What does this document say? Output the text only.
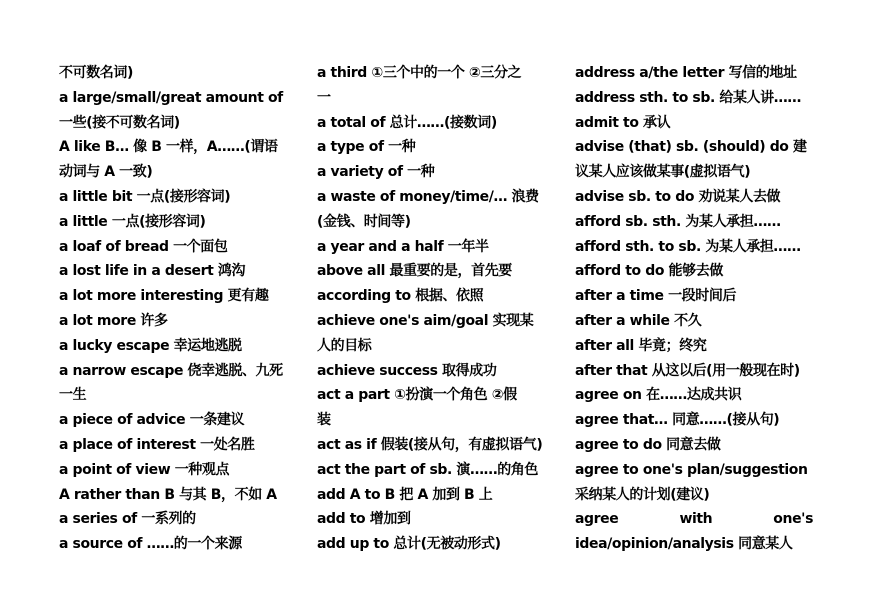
不可数名词)
a large/small/great amount of
一些(接不可数名词)
A like B… 像 B 一样，A……(谓语
动词与 A 一致)
a little bit 一点(接形容词)
a little 一点(接形容词)
a loaf of bread 一个面包
a lost life in a desert 鸿沟
a lot more interesting 更有趣
a lot more 许多
a lucky escape 幸运地逃脱
a narrow escape 侥幸逃脱、九死
一生
a piece of advice 一条建议
a place of interest 一处名胜
a point of view 一种观点
A rather than B 与其 B，不如 A
a series of 一系列的
a source of ……的一个来源
a third ①三个中的一个 ②三分之
一
a total of 总计……(接数词)
a type of 一种
a variety of 一种
a waste of money/time/… 浪费
(金钱、时间等)
a year and a half 一年半
above all 最重要的是，首先要
according to 根据、依照
achieve one's aim/goal 实现某
人的目标
achieve success 取得成功
act a part ①扮演一个角色 ②假
装
act as if 假装(接从句，有虚拟语气)
act the part of sb. 演……的角色
add A to B 把 A 加到 B 上
add to 增加到
add up to 总计(无被动形式)
address a/the letter 写信的地址
address sth. to sb. 给某人讲……
admit to 承认
advise (that) sb. (should) do 建
议某人应该做某事(虚拟语气)
advise sb. to do 劝说某人去做
afford sb. sth. 为某人承担……
afford sth. to sb. 为某人承担……
afford to do 能够去做
after a time 一段时间后
after a while 不久
after all 毕竟；终究
after that 从这以后(用一般现在时)
agree on 在……达成共识
agree that… 同意……(接从句)
agree to do 同意去做
agree to one's plan/suggestion
采纳某人的计划(建议)
agree	with	one's
idea/opinion/analysis 同意某人
